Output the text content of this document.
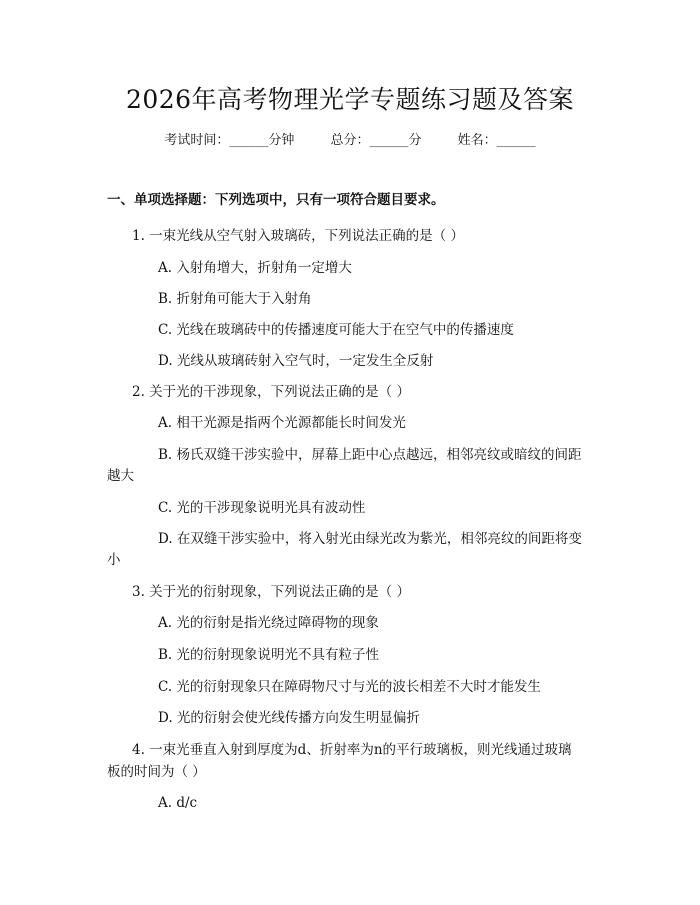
2026年高考物理光学专题练习题及答案
考试时间：______分钟	总分：______分	姓名：______
一、单项选择题：下列选项中，只有一项符合题目要求。
1. 一束光线从空气射入玻璃砖，下列说法正确的是（ ）
A. 入射角增大，折射角一定增大
B. 折射角可能大于入射角
C. 光线在玻璃砖中的传播速度可能大于在空气中的传播速度
D. 光线从玻璃砖射入空气时，一定发生全反射
2. 关于光的干涉现象，下列说法正确的是（ ）
A. 相干光源是指两个光源都能长时间发光
B. 杨氏双缝干涉实验中，屏幕上距中心点越远，相邻亮纹或暗纹的间距
越大
C. 光的干涉现象说明光具有波动性
D. 在双缝干涉实验中，将入射光由绿光改为紫光，相邻亮纹的间距将变
小
3. 关于光的衍射现象，下列说法正确的是（ ）
A. 光的衍射是指光绕过障碍物的现象
B. 光的衍射现象说明光不具有粒子性
C. 光的衍射现象只在障碍物尺寸与光的波长相差不大时才能发生
D. 光的衍射会使光线传播方向发生明显偏折
4. 一束光垂直入射到厚度为d、折射率为n的平行玻璃板，则光线通过玻璃
板的时间为（ ）
A. d/c
